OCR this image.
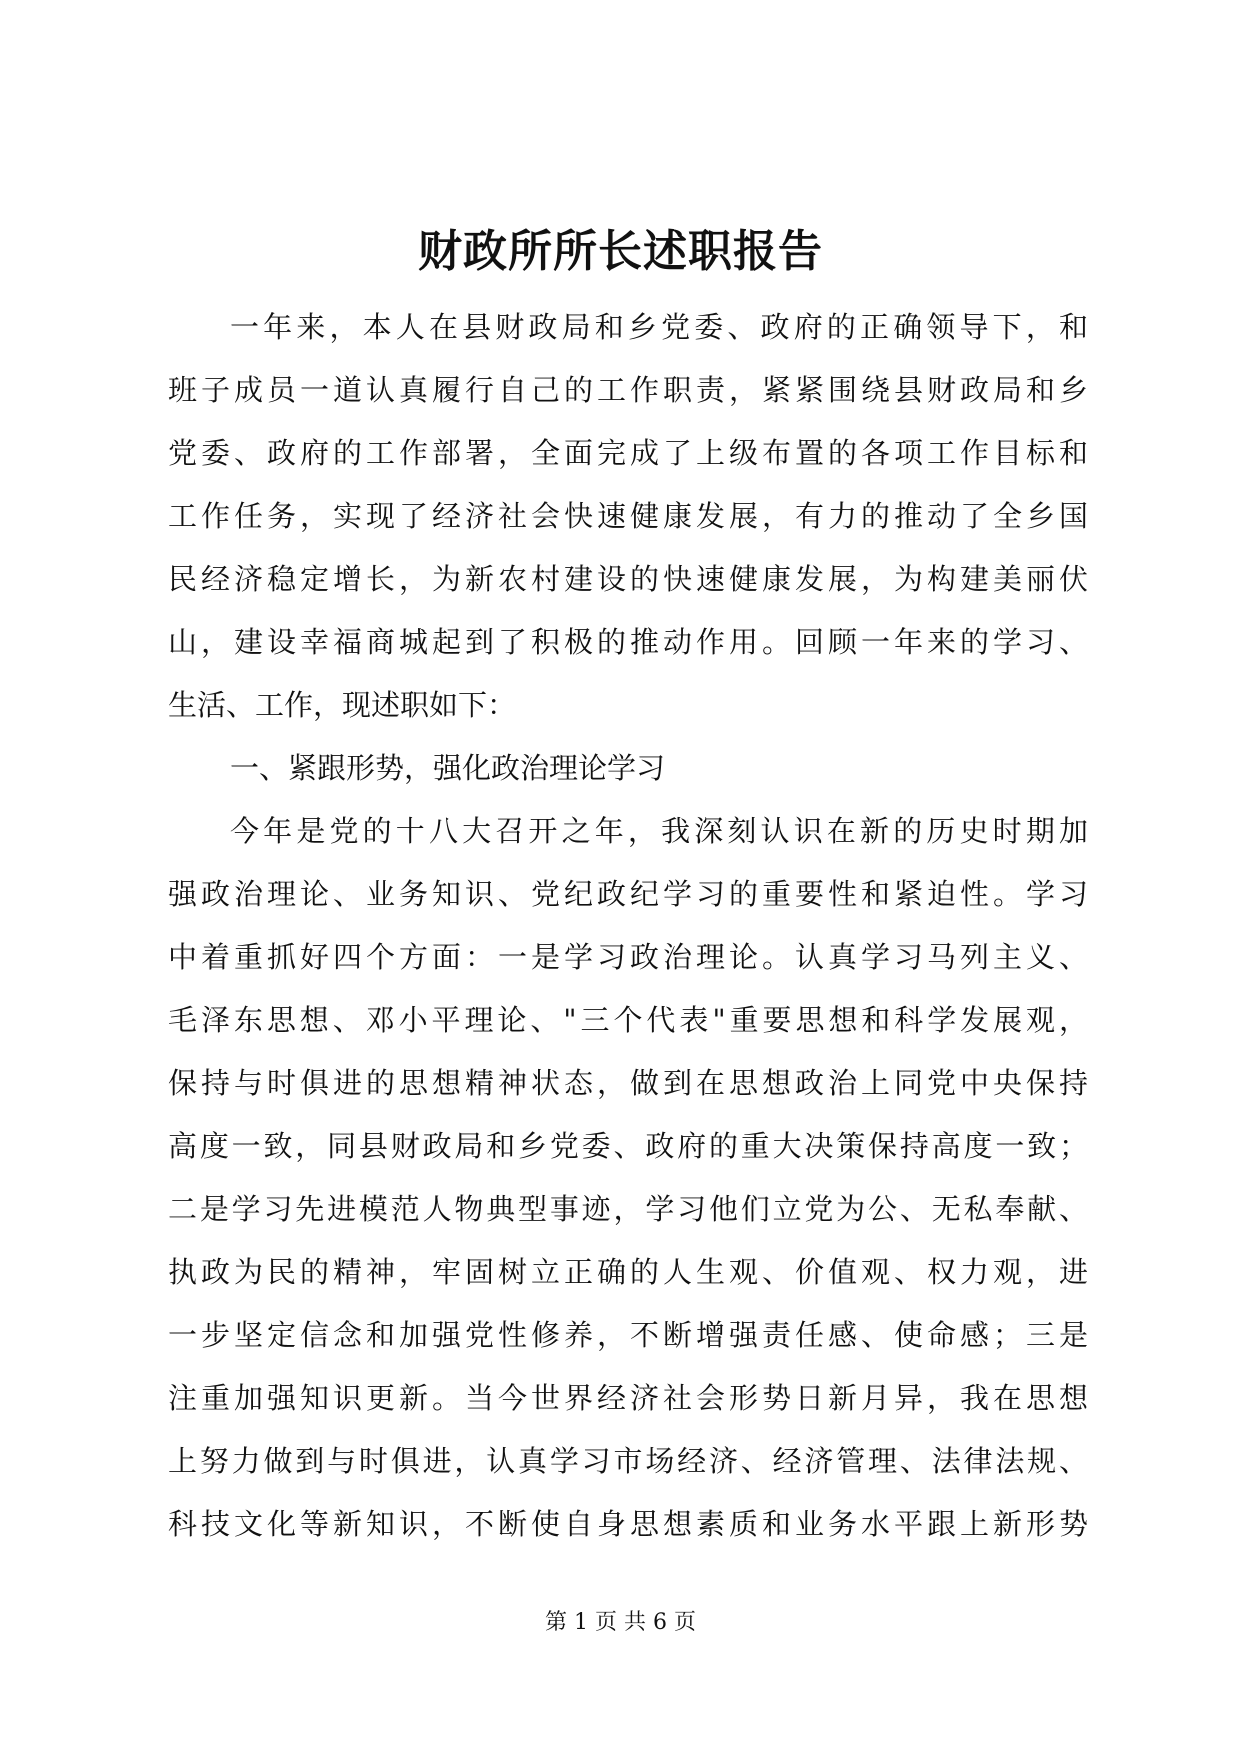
财政所所长述职报告
一年来，本人在县财政局和乡党委、政府的正确领导下，和
班子成员一道认真履行自己的工作职责，紧紧围绕县财政局和乡
党委、政府的工作部署，全面完成了上级布置的各项工作目标和
工作任务，实现了经济社会快速健康发展，有力的推动了全乡国
民经济稳定增长，为新农村建设的快速健康发展，为构建美丽伏
山，建设幸福商城起到了积极的推动作用。回顾一年来的学习、
生活、工作，现述职如下：
一、紧跟形势，强化政治理论学习
今年是党的十八大召开之年，我深刻认识在新的历史时期加
强政治理论、业务知识、党纪政纪学习的重要性和紧迫性。学习
中着重抓好四个方面：一是学习政治理论。认真学习马列主义、
毛泽东思想、邓小平理论、"三个代表"重要思想和科学发展观，
保持与时俱进的思想精神状态，做到在思想政治上同党中央保持
高度一致，同县财政局和乡党委、政府的重大决策保持高度一致；
二是学习先进模范人物典型事迹，学习他们立党为公、无私奉献、
执政为民的精神，牢固树立正确的人生观、价值观、权力观，进
一步坚定信念和加强党性修养，不断增强责任感、使命感；三是
注重加强知识更新。当今世界经济社会形势日新月异，我在思想
上努力做到与时俱进，认真学习市场经济、经济管理、法律法规、
科技文化等新知识，不断使自身思想素质和业务水平跟上新形势
第 1 页 共 6 页
